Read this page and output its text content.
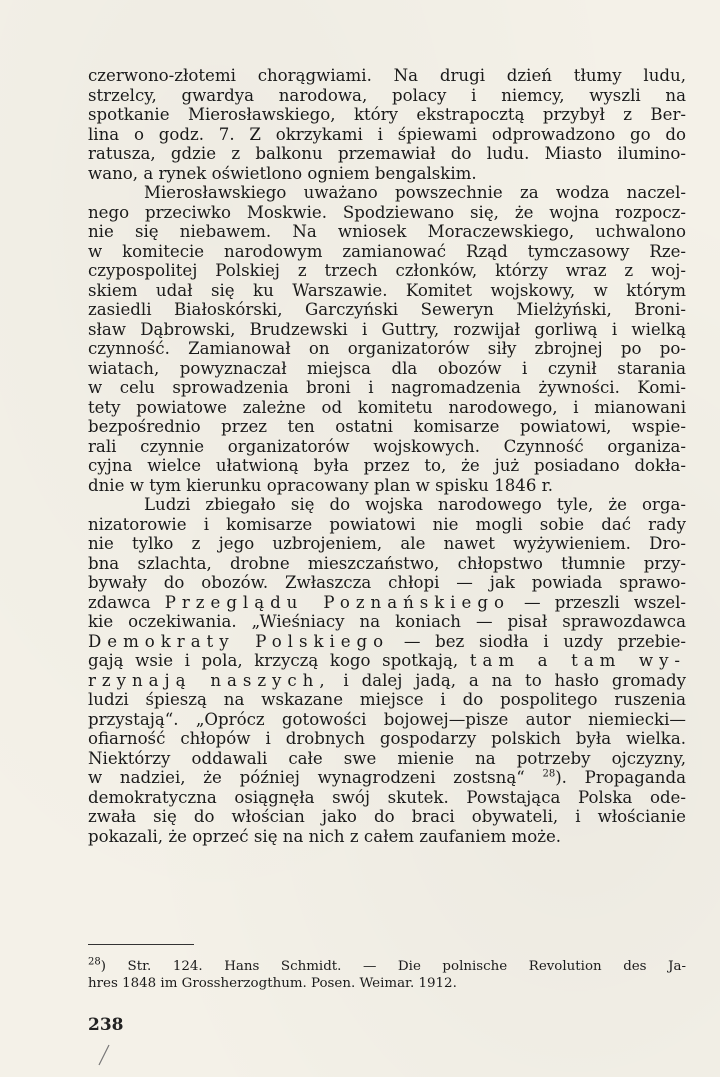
czerwono-złotemi chorągwiami. Na drugi dzień tłumy ludu,
strzelcy, gwardya narodowa, polacy i niemcy, wyszli na
spotkanie Mierosławskiego, który ekstrapocztą przybył z Ber-
lina o godz. 7. Z okrzykami i śpiewami odprowadzono go do
ratusza, gdzie z balkonu przemawiał do ludu. Miasto ilumino-
wano, a rynek oświetlono ogniem bengalskim.

Mierosławskiego uważano powszechnie za wodza naczel-
nego przeciwko Moskwie. Spodziewano się, że wojna rozpocz-
nie się niebawem. Na wniosek Moraczewskiego, uchwalono
w komitecie narodowym zamianować Rząd tymczasowy Rze-
czypospolitej Polskiej z trzech członków, którzy wraz z woj-
skiem udał się ku Warszawie. Komitet wojskowy, w którym
zasiedli Białoskórski, Garczyński Seweryn Mielżyński, Broni-
sław Dąbrowski, Brudzewski i Guttry, rozwijał gorliwą i wielką
czynność. Zamianował on organizatorów siły zbrojnej po po-
wiatach, powyznaczał miejsca dla obozów i czynił starania
w celu sprowadzenia broni i nagromadzenia żywności. Komi-
tety powiatowe zależne od komitetu narodowego, i mianowani
bezpośrednio przez ten ostatni komisarze powiatowi, wspie-
rali czynnie organizatorów wojskowych. Czynność organiza-
cyjna wielce ułatwioną była przez to, że już posiadano dokła-
dnie w tym kierunku opracowany plan w spisku 1846 r.

Ludzi zbiegało się do wojska narodowego tyle, że orga-
nizatorowie i komisarze powiatowi nie mogli sobie dać rady
nie tylko z jego uzbrojeniem, ale nawet wyżywieniem. Dro-
bna szlachta, drobne mieszczaństwo, chłopstwo tłumnie przy-
bywały do obozów. Zwłaszcza chłopi — jak powiada sprawo-
zdawca Przeglądu Poznańskiego — przeszli wszel-
kie oczekiwania. „Wieśniacy na koniach — pisał sprawozdawca
Demokraty Polskiego — bez siodła i uzdy przebie-
gają wsie i pola, krzyczą kogo spotkają, tam a tam wy-
rzynają naszych, i dalej jadą, a na to hasło gromady
ludzi śpieszą na wskazane miejsce i do pospolitego ruszenia
przystają“. „Oprócz gotowości bojowej—pisze autor niemiecki—
ofiarność chłopów i drobnych gospodarzy polskich była wielka.
Niektórzy oddawali całe swe mienie na potrzeby ojczyzny,
w nadziei, że później wynagrodzeni zostsną“ $^{28}$). Propaganda
demokratyczna osiągnęła swój skutek. Powstająca Polska ode-
zwała się do włościan jako do braci obywateli, i włościanie
pokazali, że oprzeć się na nich z całem zaufaniem może.

$^{28}$) Str. 124. Hans Schmidt. — Die polnische Revolution des Ja-
hres 1848 im Grossherzogthum. Posen. Weimar. 1912.
238
